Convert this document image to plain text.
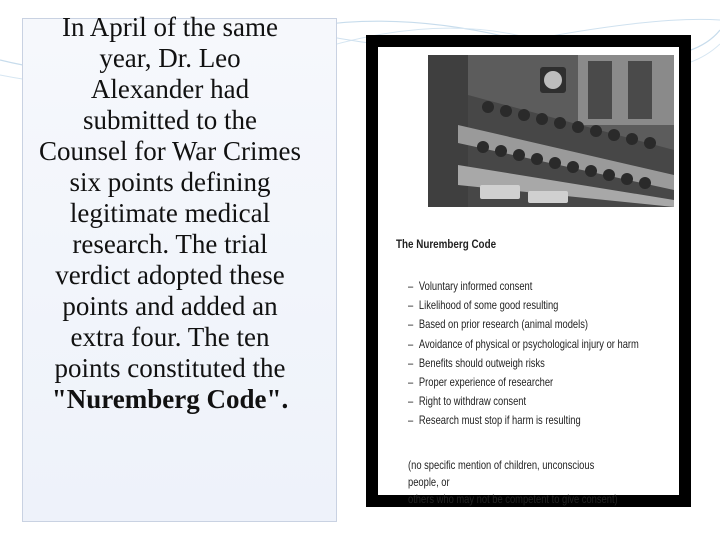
In April of the same
year, Dr. Leo
Alexander had
submitted to the
Counsel for War Crimes
six points defining
legitimate medical
research. The trial
verdict adopted these
points and added an
extra four. The ten
points constituted the
"Nuremberg Code".
The Nuremberg Code
– Voluntary informed consent
– Likelihood of some good resulting
– Based on prior research (animal models)
– Avoidance of physical or psychological injury or harm
– Benefits should outweigh risks
– Proper experience of researcher
– Right to withdraw consent
– Research must stop if harm is resulting
(no specific mention of children, unconscious people, or
others who may not be competent to give consent)
